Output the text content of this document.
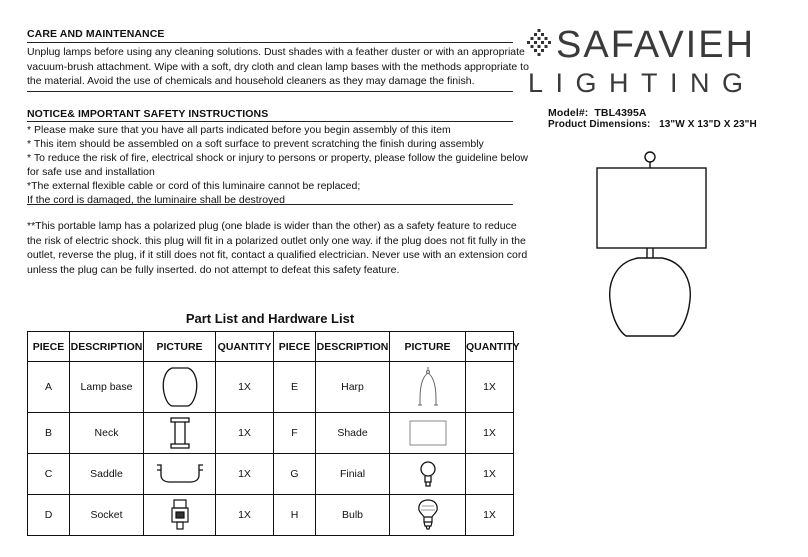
CARE AND MAINTENANCE
Unplug lamps before using any cleaning solutions. Dust shades with a feather duster or with an appropriate
vacuum-brush attachment. Wipe with a soft, dry cloth and clean lamp bases with the methods appropriate to
the material. Avoid the use of chemicals and household cleaners as they may damage the finish.
NOTICE& IMPORTANT SAFETY INSTRUCTIONS
* Please make sure that you have all parts indicated before you begin assembly of this item
* This item should be assembled on a soft surface to prevent scratching the finish during assembly
* To reduce the risk of fire, electrical shock or injury to persons or property, please follow the guideline below
for safe use and installation
*The external flexible cable or cord of this luminaire cannot be replaced;
If the cord is damaged, the luminaire shall be destroyed
**This portable lamp has a polarized plug (one blade is wider than the other) as a safety feature to reduce
the risk of electric shock. this plug will fit in a polarized outlet only one way. if the plug does not fit fully in the
outlet, reverse the plug, if it still does not fit, contact a qualified electrician. Never use with an extension cord
unless the plug can be fully inserted. do not attempt to defeat this safety feature.
SAFAVIEH
LIGHTING
Model#: TBL4395A
Product Dimensions: 13"W X 13"D X 23"H
Part List and Hardware List
PIECE	DESCRIPTION	PICTURE	QUANTITY	PIECE	DESCRIPTION	PICTURE	QUANTITY
A	Lamp base		1X	E	Harp		1X
B	Neck		1X	F	Shade		1X
C	Saddle		1X	G	Finial		1X
D	Socket		1X	H	Bulb		1X
